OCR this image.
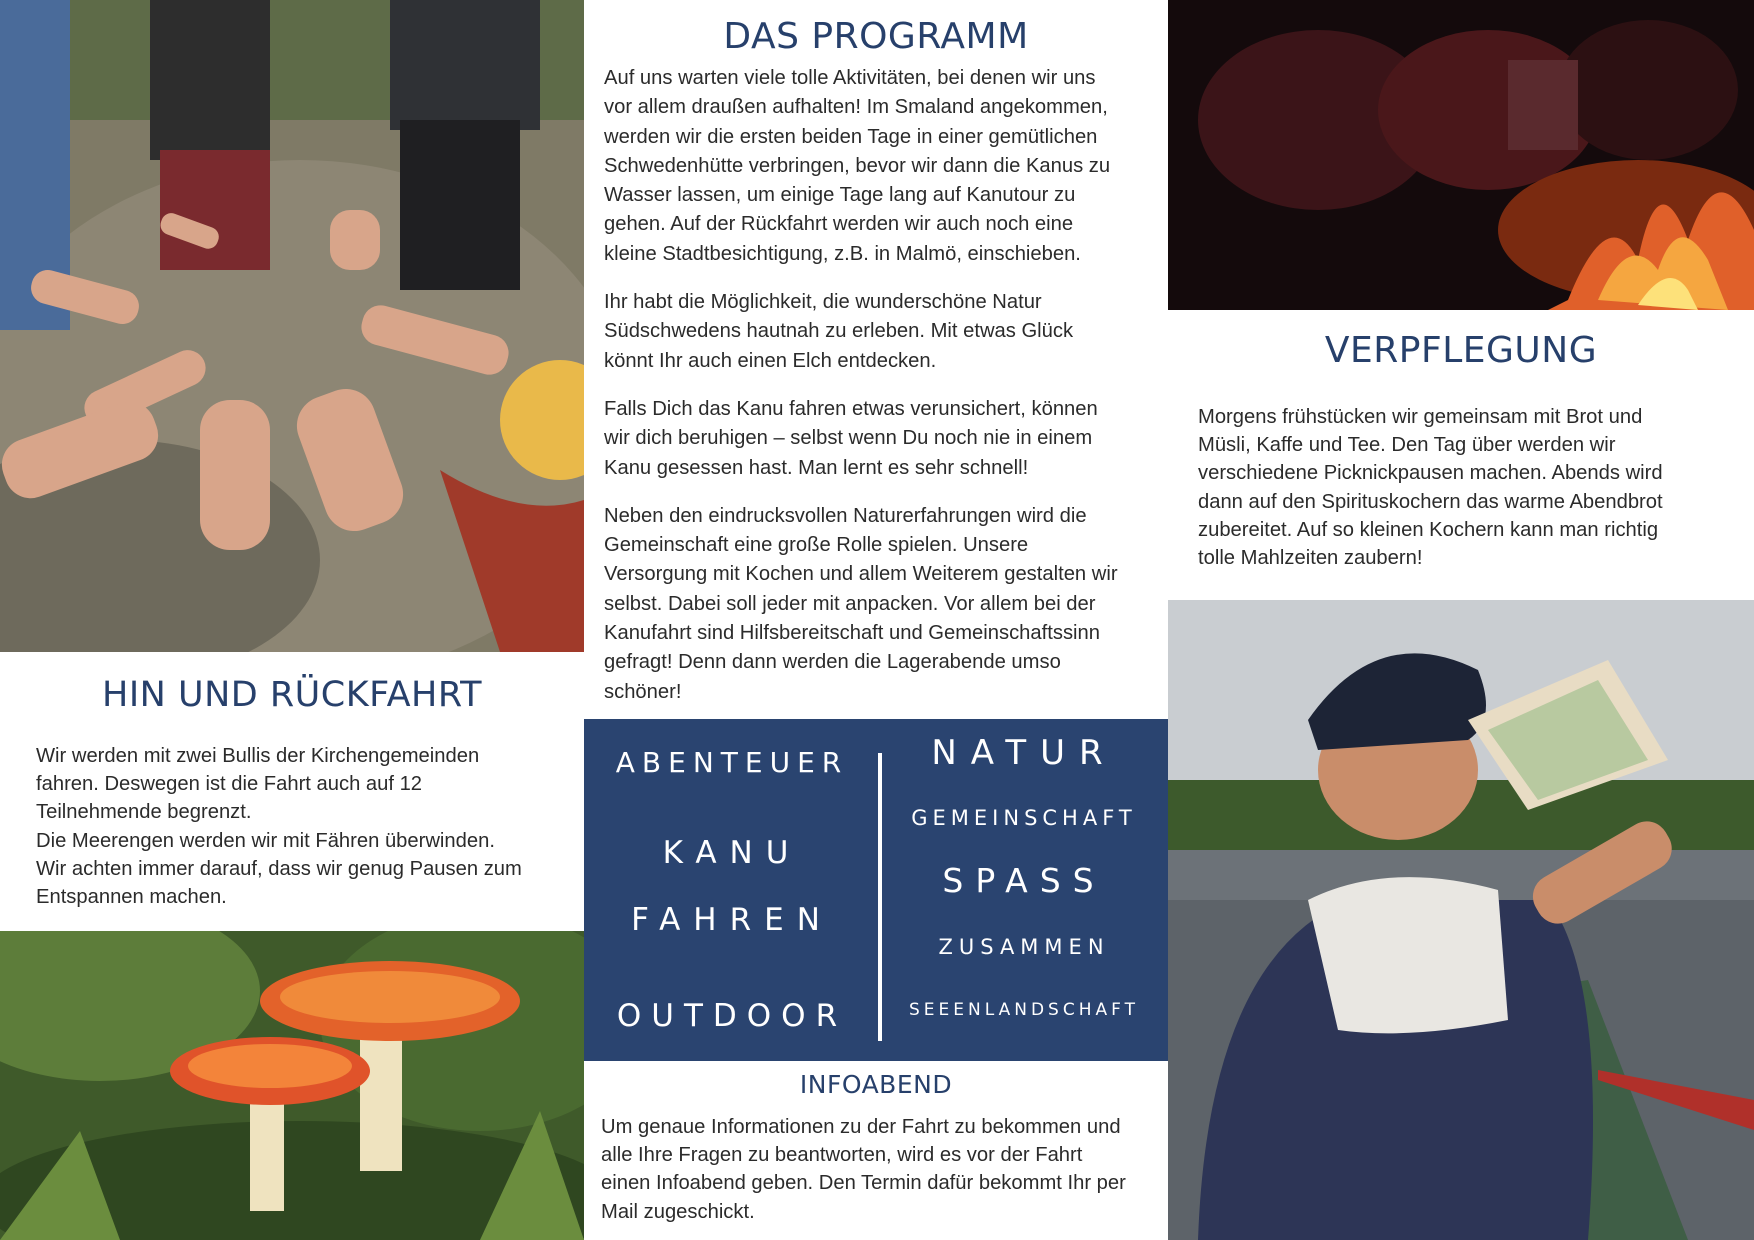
DAS PROGRAMM

Auf uns warten viele tolle Aktivitäten, bei denen wir uns
vor allem draußen aufhalten! Im Smaland angekommen,
werden wir die ersten beiden Tage in einer gemütlichen
Schwedenhütte verbringen, bevor wir dann die Kanus zu
Wasser lassen, um einige Tage lang auf Kanutour zu
gehen. Auf der Rückfahrt werden wir auch noch eine
kleine Stadtbesichtigung, z.B. in Malmö, einschieben.

Ihr habt die Möglichkeit, die wunderschöne Natur
Südschwedens hautnah zu erleben. Mit etwas Glück
könnt Ihr auch einen Elch entdecken.

Falls Dich das Kanu fahren etwas verunsichert, können
wir dich beruhigen – selbst wenn Du noch nie in einem
Kanu gesessen hast. Man lernt es sehr schnell!

Neben den eindrucksvollen Naturerfahrungen wird die
Gemeinschaft eine große Rolle spielen. Unsere
Versorgung mit Kochen und allem Weiterem gestalten wir
selbst. Dabei soll jeder mit anpacken. Vor allem bei der
Kanufahrt sind Hilfsbereitschaft und Gemeinschaftssinn
gefragt! Denn dann werden die Lagerabende umso
schöner!

VERPFLEGUNG
Morgens frühstücken wir gemeinsam mit Brot und
Müsli, Kaffe und Tee. Den Tag über werden wir
verschiedene Picknickpausen machen. Abends wird
dann auf den Spirituskochern das warme Abendbrot
zubereitet. Auf so kleinen Kochern kann man richtig
tolle Mahlzeiten zaubern!
HIN UND RÜCKFAHRT
Wir werden mit zwei Bullis der Kirchengemeinden
fahren. Deswegen ist die Fahrt auch auf 12
Teilnehmende begrenzt.
Die Meerengen werden wir mit Fähren überwinden.
Wir achten immer darauf, dass wir genug Pausen zum
Entspannen machen.
ABENTEUER
KANU
FAHREN
OUTDOOR
NATUR
GEMEINSCHAFT
SPASS
ZUSAMMEN
SEEENLANDSCHAFT
INFOABEND
Um genaue Informationen zu der Fahrt zu bekommen und
alle Ihre Fragen zu beantworten, wird es vor der Fahrt
einen Infoabend geben. Den Termin dafür bekommt Ihr per
Mail zugeschickt.
